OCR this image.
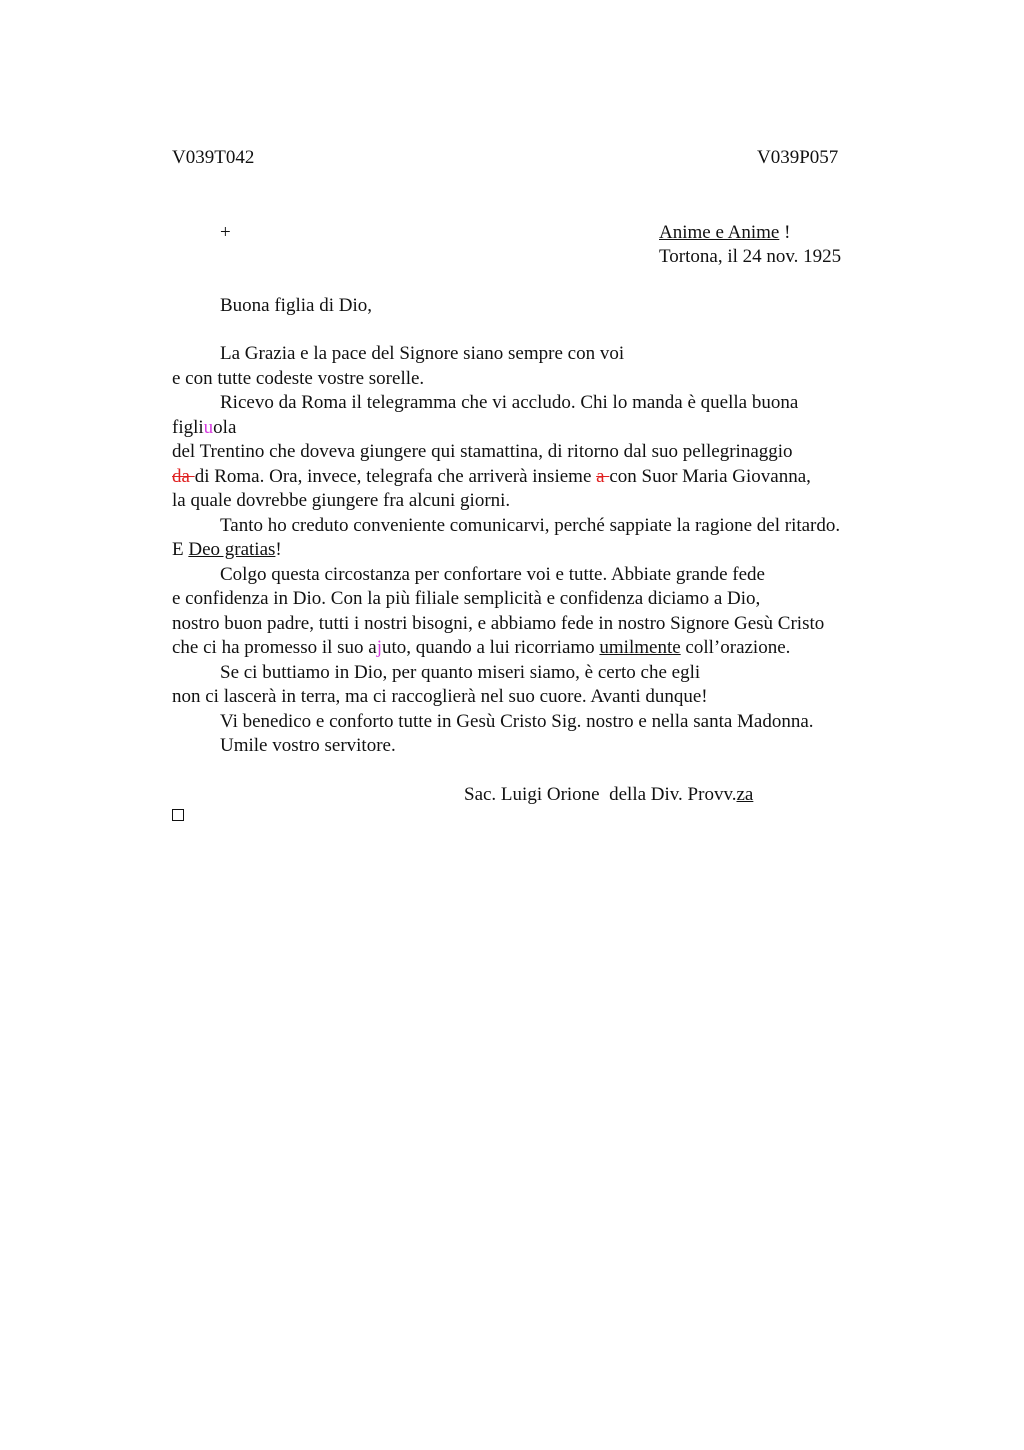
V039T042	V039P057
+	Anime e Anime !
Tortona, il 24 nov. 1925
Buona figlia di Dio,
La Grazia e la pace del Signore siano sempre con voi
e con tutte codeste vostre sorelle.
Ricevo da Roma il telegramma che vi accludo. Chi lo manda è quella buona
figliuola
del Trentino che doveva giungere qui stamattina, di ritorno dal suo pellegrinaggio
da di Roma. Ora, invece, telegrafa che arriverà insieme a con Suor Maria Giovanna,
la quale dovrebbe giungere fra alcuni giorni.
Tanto ho creduto conveniente comunicarvi, perché sappiate la ragione del ritardo.
E Deo gratias!
Colgo questa circostanza per confortare voi e tutte. Abbiate grande fede
e confidenza in Dio. Con la più filiale semplicità e confidenza diciamo a Dio,
nostro buon padre, tutti i nostri bisogni, e abbiamo fede in nostro Signore Gesù Cristo
che ci ha promesso il suo ajuto, quando a lui ricorriamo umilmente coll’orazione.
Se ci buttiamo in Dio, per quanto miseri siamo, è certo che egli
non ci lascerà in terra, ma ci raccoglierà nel suo cuore. Avanti dunque!
Vi benedico e conforto tutte in Gesù Cristo Sig. nostro e nella santa Madonna.
Umile vostro servitore.
Sac. Luigi Orione  della Div. Provv.za
